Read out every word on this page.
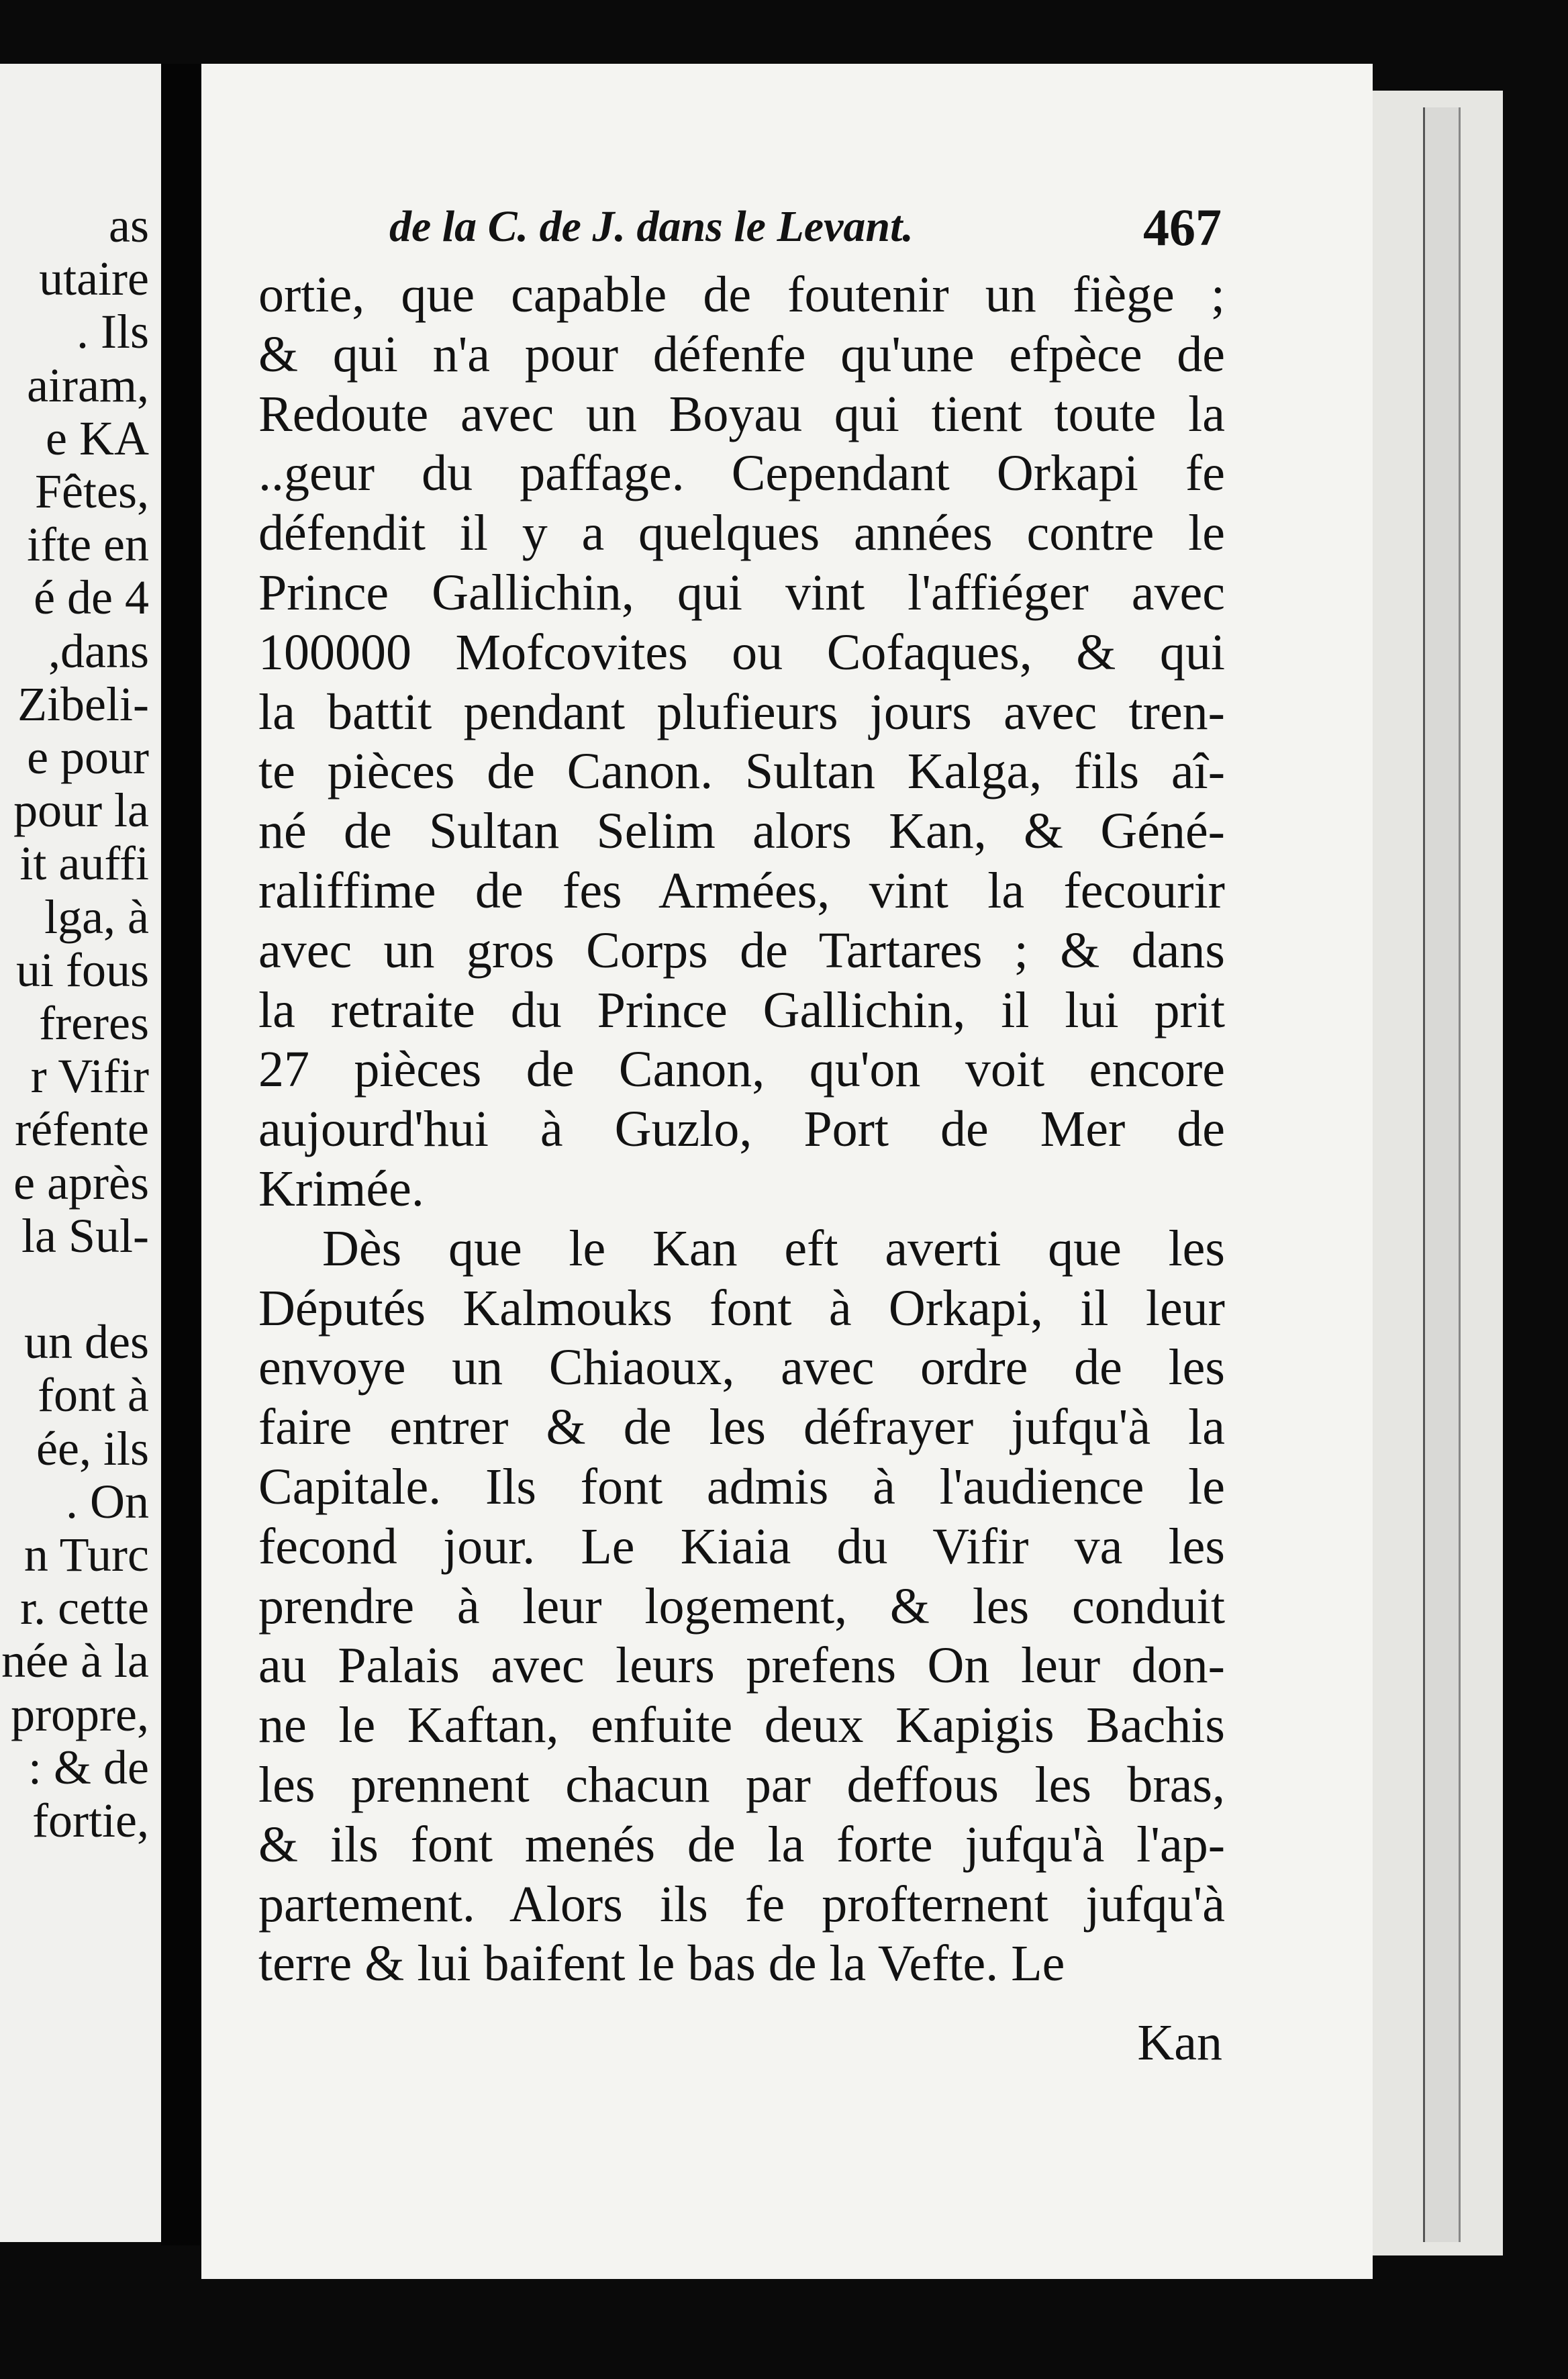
as
utaire
. Ils
airam,
e KA
Fêtes,
ifte en
é de 4
,dans
Zibeli-
e pour
pour la
it auffi
lga, à
ui fous
freres
r Vifir
réfente
e après
la Sul-
un des
font à
ée, ils
. On
n Turc
r. cette
née à la
propre,
: & de
fortie,
de la C. de J. dans le Levant.	467
ortie, que capable de foutenir un fiège ;
& qui n'a pour défenfe qu'une efpèce de
Redoute avec un Boyau qui tient toute la
..geur du paffage. Cependant Orkapi fe
défendit il y a quelques années contre le
Prince Gallichin, qui vint l'affiéger avec
100000 Mofcovites ou Cofaques, & qui
la battit pendant plufieurs jours avec tren-
te pièces de Canon. Sultan Kalga, fils aî-
né de Sultan Selim alors Kan, & Géné-
raliffime de fes Armées, vint la fecourir
avec un gros Corps de Tartares ; & dans
la retraite du Prince Gallichin, il lui prit
27 pièces de Canon, qu'on voit encore
aujourd'hui à Guzlo, Port de Mer de
Krimée.
Dès que le Kan eft averti que les
Députés Kalmouks font à Orkapi, il leur
envoye un Chiaoux, avec ordre de les
faire entrer & de les défrayer jufqu'à la
Capitale. Ils font admis à l'audience le
fecond jour. Le Kiaia du Vifir va les
prendre à leur logement, & les conduit
au Palais avec leurs prefens On leur don-
ne le Kaftan, enfuite deux Kapigis Bachis
les prennent chacun par deffous les bras,
& ils font menés de la forte jufqu'à l'ap-
partement. Alors ils fe profternent jufqu'à
terre & lui baifent le bas de la Vefte. Le
Kan
